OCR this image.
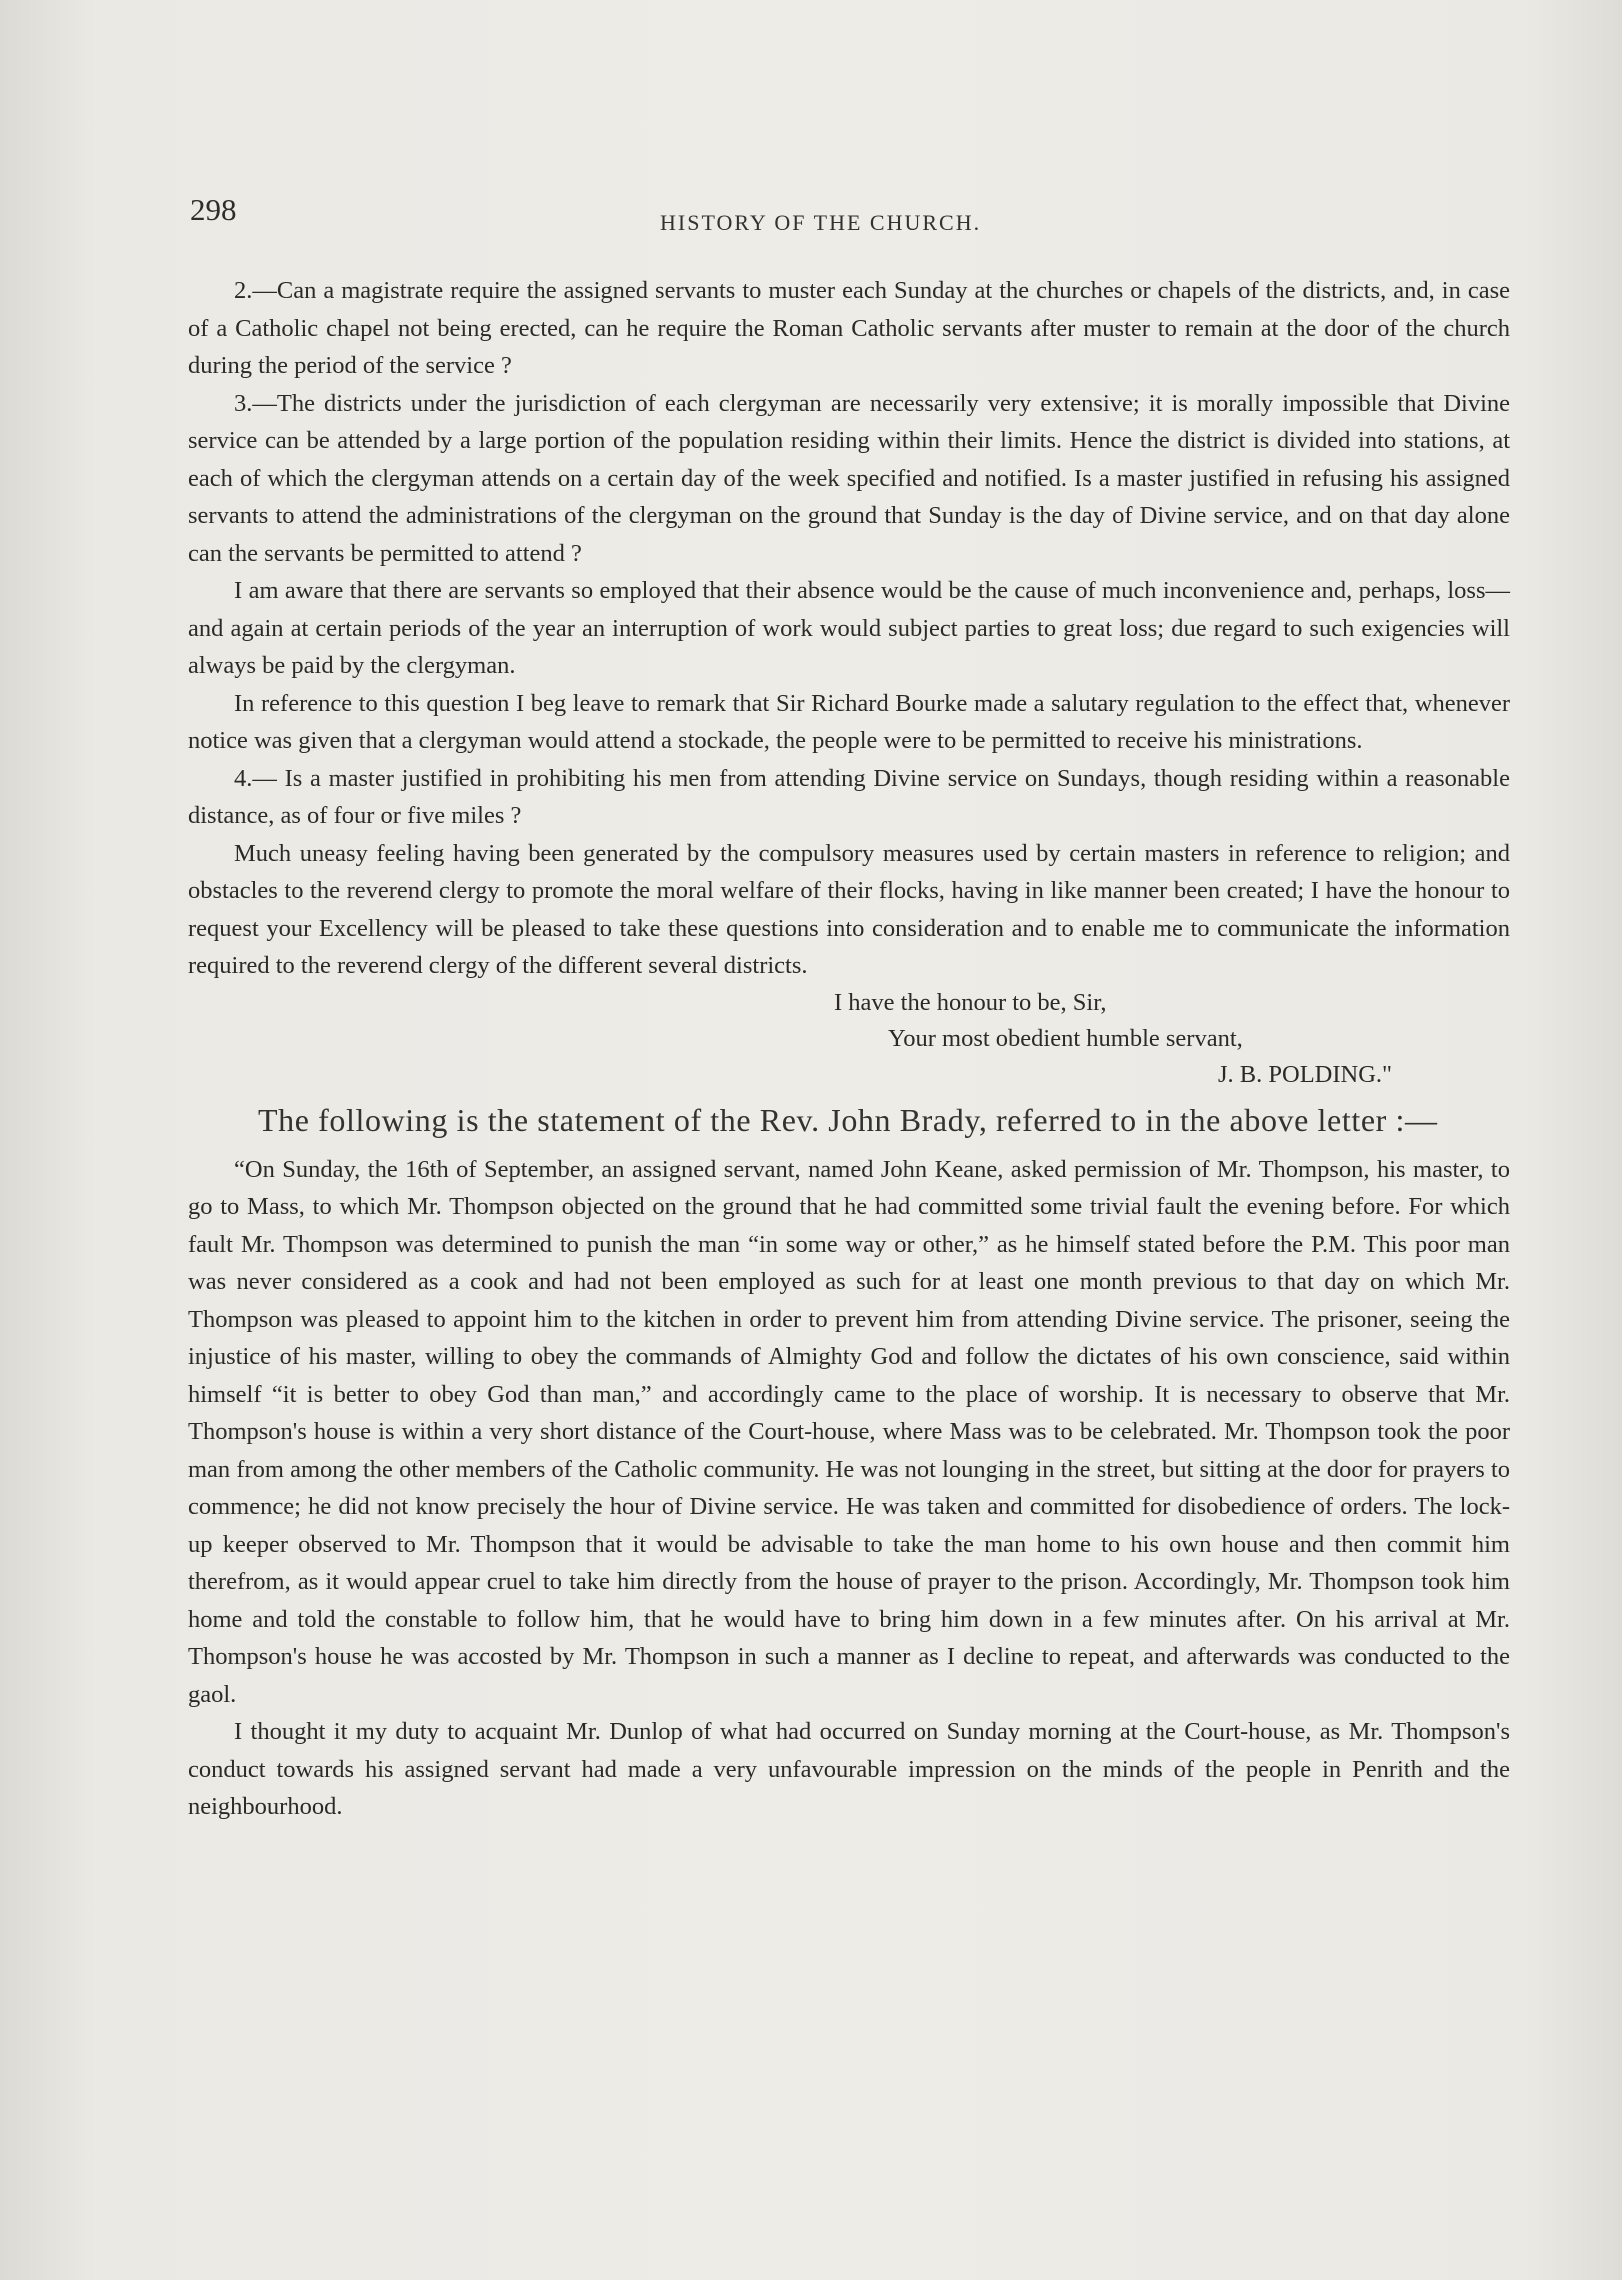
298	HISTORY OF THE CHURCH.

2.—Can a magistrate require the assigned servants to muster each Sunday at the churches or chapels of the districts, and, in case of a Catholic chapel not being erected, can he require the Roman Catholic servants after muster to remain at the door of the church during the period of the service ?

3.—The districts under the jurisdiction of each clergyman are necessarily very extensive; it is morally impossible that Divine service can be attended by a large portion of the population residing within their limits. Hence the district is divided into stations, at each of which the clergyman attends on a certain day of the week specified and notified. Is a master justified in refusing his assigned servants to attend the administrations of the clergyman on the ground that Sunday is the day of Divine service, and on that day alone can the servants be permitted to attend ?

I am aware that there are servants so employed that their absence would be the cause of much inconvenience and, perhaps, loss—and again at certain periods of the year an interruption of work would subject parties to great loss; due regard to such exigencies will always be paid by the clergyman.

In reference to this question I beg leave to remark that Sir Richard Bourke made a salutary regulation to the effect that, whenever notice was given that a clergyman would attend a stockade, the people were to be permitted to receive his ministrations.

4.— Is a master justified in prohibiting his men from attending Divine service on Sundays, though residing within a reasonable distance, as of four or five miles ?

Much uneasy feeling having been generated by the compulsory measures used by certain masters in reference to religion; and obstacles to the reverend clergy to promote the moral welfare of their flocks, having in like manner been created; I have the honour to request your Excellency will be pleased to take these questions into consideration and to enable me to communicate the information required to the reverend clergy of the different several districts.

I have the honour to be, Sir,
Your most obedient humble servant,
J. B. POLDING."

The following is the statement of the Rev. John Brady, referred to in the above letter :—

“On Sunday, the 16th of September, an assigned servant, named John Keane, asked permission of Mr. Thompson, his master, to go to Mass, to which Mr. Thompson objected on the ground that he had committed some trivial fault the evening before. For which fault Mr. Thompson was determined to punish the man “in some way or other,” as he himself stated before the P.M. This poor man was never considered as a cook and had not been employed as such for at least one month previous to that day on which Mr. Thompson was pleased to appoint him to the kitchen in order to prevent him from attending Divine service. The prisoner, seeing the injustice of his master, willing to obey the commands of Almighty God and follow the dictates of his own conscience, said within himself “it is better to obey God than man,” and accordingly came to the place of worship. It is necessary to observe that Mr. Thompson's house is within a very short distance of the Court-house, where Mass was to be celebrated. Mr. Thompson took the poor man from among the other members of the Catholic community. He was not lounging in the street, but sitting at the door for prayers to commence; he did not know precisely the hour of Divine service. He was taken and committed for disobedience of orders. The lock-up keeper observed to Mr. Thompson that it would be advisable to take the man home to his own house and then commit him therefrom, as it would appear cruel to take him directly from the house of prayer to the prison. Accordingly, Mr. Thompson took him home and told the constable to follow him, that he would have to bring him down in a few minutes after. On his arrival at Mr. Thompson's house he was accosted by Mr. Thompson in such a manner as I decline to repeat, and afterwards was conducted to the gaol.

I thought it my duty to acquaint Mr. Dunlop of what had occurred on Sunday morning at the Court-house, as Mr. Thompson's conduct towards his assigned servant had made a very unfavourable impression on the minds of the people in Penrith and the neighbourhood.
